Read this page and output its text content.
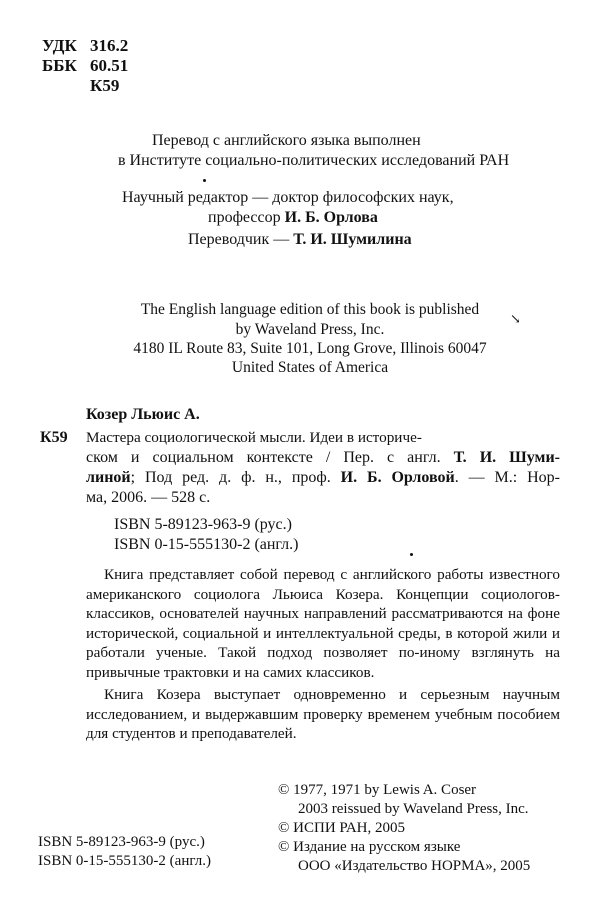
УДК 316.2
ББК 60.51
К59
Перевод с английского языка выполнен
в Институте социально-политических исследований РАН
Научный редактор — доктор философских наук,
профессор И. Б. Орлова
Переводчик — Т. И. Шумилина
The English language edition of this book is published
by Waveland Press, Inc.
4180 IL Route 83, Suite 101, Long Grove, Illinois 60047
United States of America
↘
Козер Льюис А.
К59 Мастера социологической мысли. Идеи в историче-
ском и социальном контексте / Пер. с англ. Т. И. Шуми-
линой; Под ред. д. ф. н., проф. И. Б. Орловой. — М.: Нор-
ма, 2006. — 528 с.
ISBN 5-89123-963-9 (рус.)
ISBN 0-15-555130-2 (англ.)
Книга представляет собой перевод с английского работы известного американского социолога Льюиса Козера. Концепции социологов-классиков, основателей научных направлений рассматриваются на фоне исторической, социальной и интеллектуальной среды, в которой жили и работали ученые. Такой подход позволяет по-иному взглянуть на привычные трактовки и на самих классиков.
Книга Козера выступает одновременно и серьезным научным исследованием, и выдержавшим проверку временем учебным пособием для студентов и преподавателей.
ISBN 5-89123-963-9 (рус.)
ISBN 0-15-555130-2 (англ.)
© 1977, 1971 by Lewis A. Coser
2003 reissued by Waveland Press, Inc.
© ИСПИ РАН, 2005
© Издание на русском языке
ООО «Издательство НОРМА», 2005
